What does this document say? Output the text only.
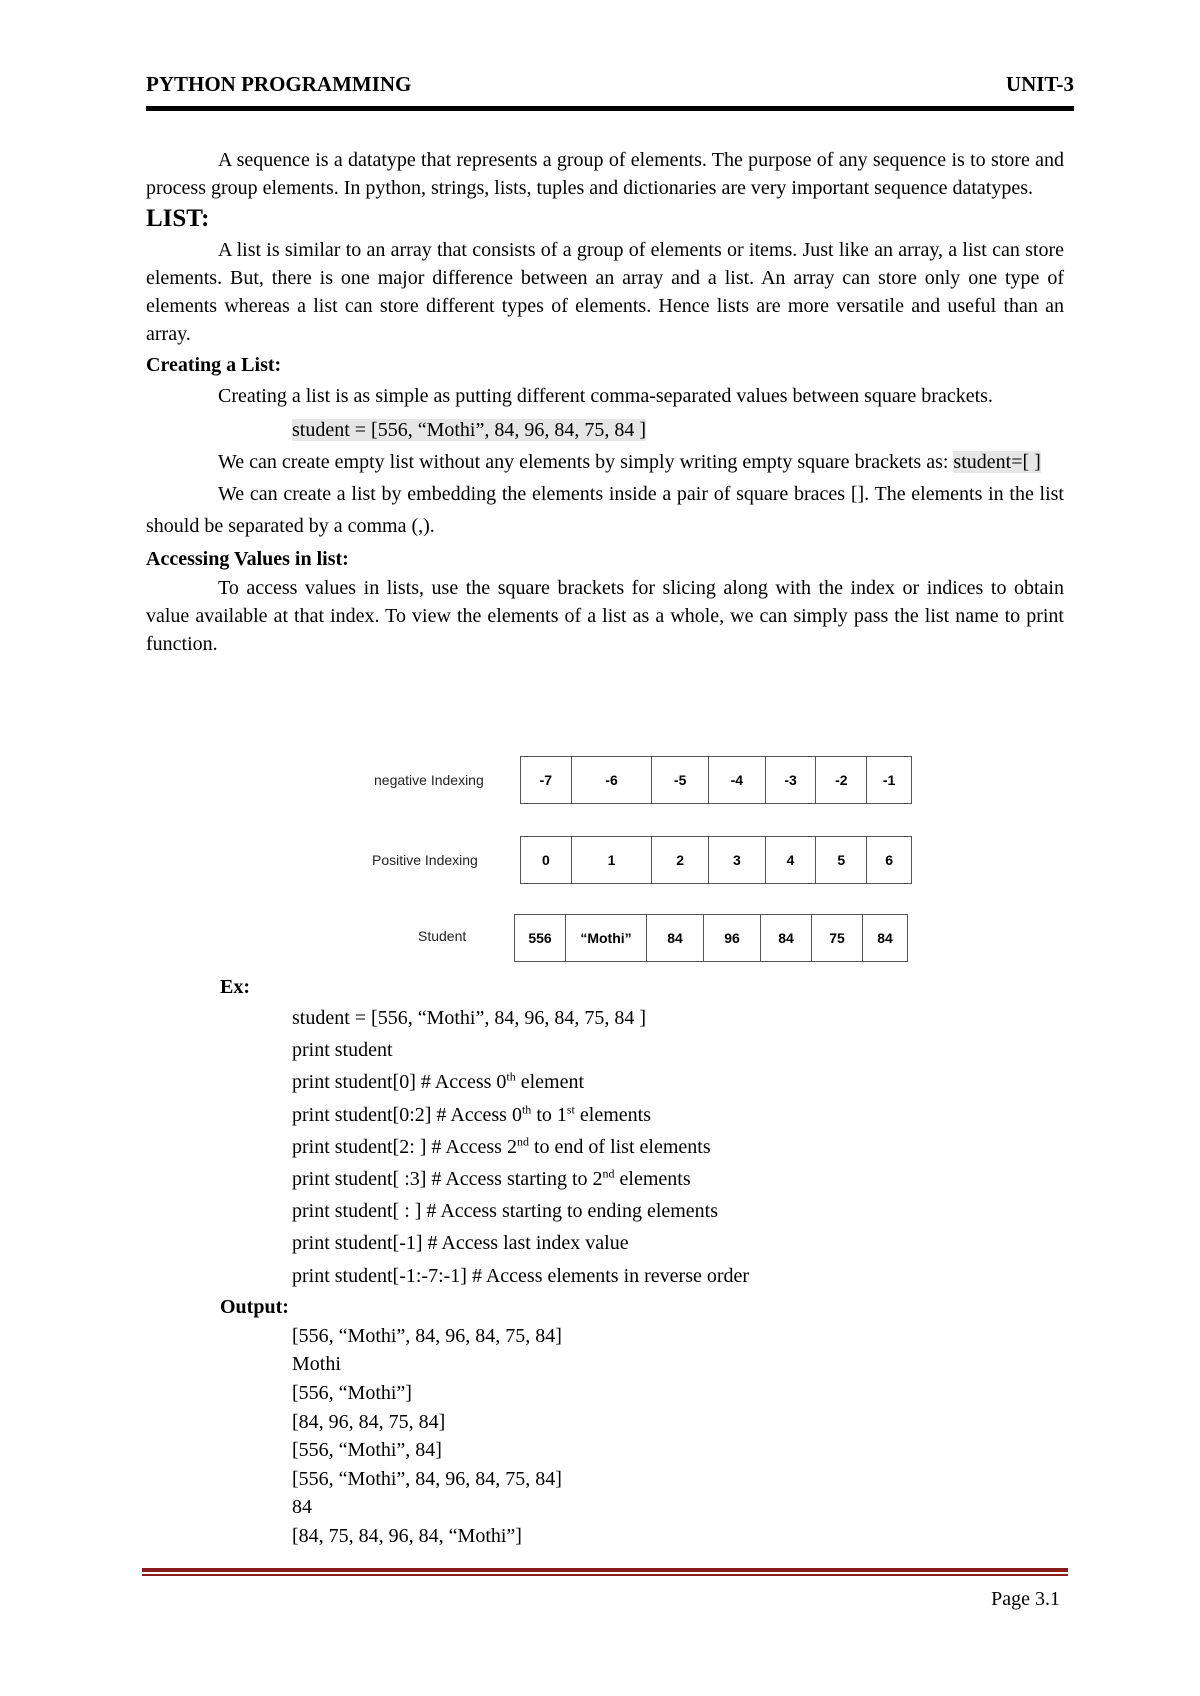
PYTHON PROGRAMMING	UNIT-3

A sequence is a datatype that represents a group of elements. The purpose of any sequence is to store and process group elements. In python, strings, lists, tuples and dictionaries are very important sequence datatypes.

LIST:

A list is similar to an array that consists of a group of elements or items. Just like an array, a list can store elements. But, there is one major difference between an array and a list. An array can store only one type of elements whereas a list can store different types of elements. Hence lists are more versatile and useful than an array.

Creating a List:

Creating a list is as simple as putting different comma-separated values between square brackets.

student = [556, “Mothi”, 84, 96, 84, 75, 84 ]

We can create empty list without any elements by simply writing empty square brackets as: student=[ ]

We can create a list by embedding the elements inside a pair of square braces []. The elements in the list should be separated by a comma (,).

Accessing Values in list:

To access values in lists, use the square brackets for slicing along with the index or indices to obtain value available at that index. To view the elements of a list as a whole, we can simply pass the list name to print function.

negative Indexing	-7	-6	-5	-4	-3	-2	-1
Positive Indexing	0	1	2	3	4	5	6
Student	556	“Mothi”	84	96	84	75	84
Ex:
student = [556, “Mothi”, 84, 96, 84, 75, 84 ]
print student
print student[0] # Access 0th element
print student[0:2] # Access 0th to 1st elements
print student[2: ] # Access 2nd to end of list elements
print student[ :3] # Access starting to 2nd elements
print student[ : ] # Access starting to ending elements
print student[-1] # Access last index value
print student[-1:-7:-1] # Access elements in reverse order
Output:
[556, “Mothi”, 84, 96, 84, 75, 84]
Mothi
[556, “Mothi”]
[84, 96, 84, 75, 84]
[556, “Mothi”, 84]
[556, “Mothi”, 84, 96, 84, 75, 84]
84
[84, 75, 84, 96, 84, “Mothi”]
Page 3.1
